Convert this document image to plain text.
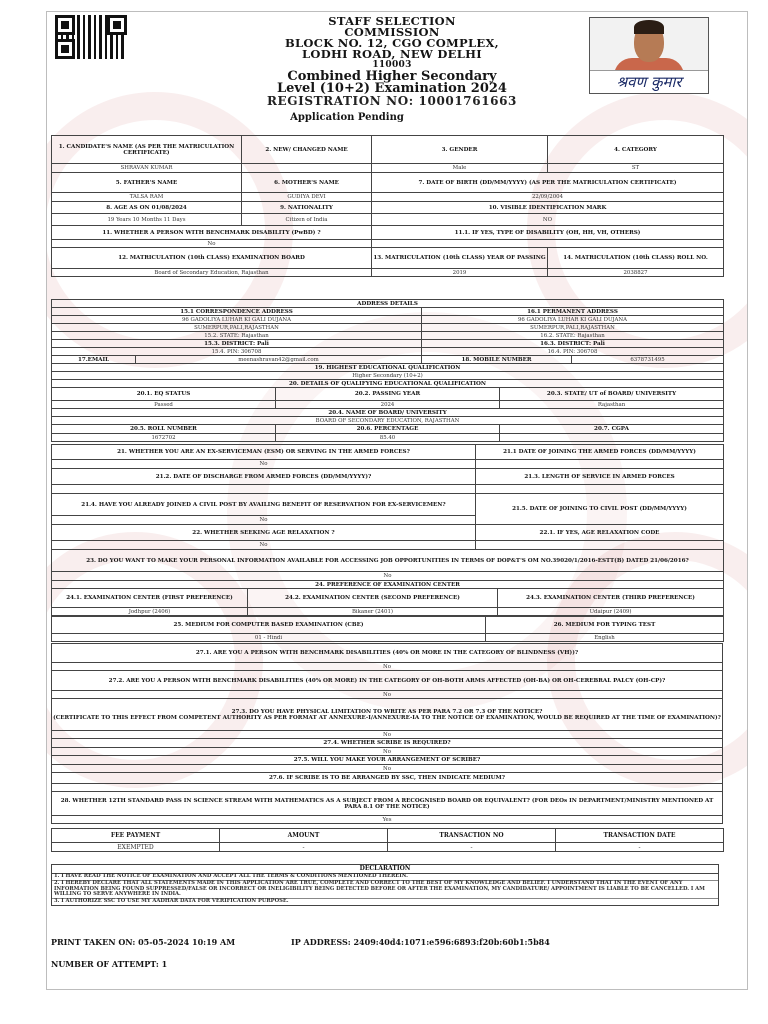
STAFF SELECTION
COMMISSION
BLOCK NO. 12, CGO COMPLEX,
LODHI ROAD, NEW DELHI
110003
Combined Higher Secondary
Level (10+2) Examination 2024
REGISTRATION NO: 10001761663
श्रवण कुमार
Application Pending
1. CANDIDATE'S NAME (AS PER THE MATRICULATION CERTIFICATE)	2. NEW/ CHANGED NAME	3. GENDER	4. CATEGORY
SHRAVAN KUMAR		Male	ST
5. FATHER'S NAME	6. MOTHER'S NAME	7. DATE OF BIRTH (DD/MM/YYYY) (AS PER THE MATRICULATION CERTIFICATE)	
TALSA RAM	GUDIYA DEVI	22/09/2004	
8. AGE AS ON 01/08/2024	9. NATIONALITY	10. VISIBLE IDENTIFICATION MARK	
19 Years 10 Months 11 Days	Citizen of India	NO	
11. WHETHER A PERSON WITH BENCHMARK DISABILITY (PwBD) ?		11.1. IF YES, TYPE OF DISABILITY (OH, HH, VH, OTHERS)	
No			
12. MATRICULATION (10th CLASS) EXAMINATION BOARD		13. MATRICULATION (10th CLASS) YEAR OF PASSING	14. MATRICULATION (10th CLASS) ROLL NO.
Board of Secondary Education, Rajasthan		2019	2038827
ADDRESS DETAILS			
15.1 CORRESPONDENCE ADDRESS		16.1 PERMANENT ADDRESS	
96 GADOLIYA LUHAR KI GALI DUJANA		96 GADOLIYA LUHAR KI GALI DUJANA	
SUMERPUR,PALI,RAJASTHAN		SUMERPUR,PALI,RAJASTHAN	
15.2. STATE: Rajasthan		16.2. STATE: Rajasthan	
15.3. DISTRICT: Pali		16.3. DISTRICT: Pali	
15.4. PIN: 306708		16.4. PIN: 306708	
17.EMAIL	meenashravan42@gmail.com	18. MOBILE NUMBER	6378731495
19. HIGHEST EDUCATIONAL QUALIFICATION		
Higher Secondary (10+2)		
20. DETAILS OF QUALIFYING EDUCATIONAL QUALIFICATION		
20.1. EQ STATUS	20.2. PASSING YEAR	20.3. STATE/ UT of BOARD/ UNIVERSITY
Passed	2024	Rajasthan
20.4. NAME OF BOARD/ UNIVERSITY		
BOARD OF SECONDARY EDUCATION, RAJASTHAN		
20.5. ROLL NUMBER	20.6. PERCENTAGE	20.7. CGPA
1672702	85.40	
21. WHETHER YOU ARE AN EX-SERVICEMAN (ESM) OR SERVING IN THE ARMED FORCES?	21.1 DATE OF JOINING THE ARMED FORCES (DD/MM/YYYY)
No	
21.2. DATE OF DISCHARGE FROM ARMED FORCES (DD/MM/YYYY)?	21.3. LENGTH OF SERVICE IN ARMED FORCES

21.4. HAVE YOU ALREADY JOINED A CIVIL POST BY AVAILING BENEFIT OF RESERVATION FOR EX-SERVICEMEN?	21.5. DATE OF JOINING TO CIVIL POST (DD/MM/YYYY)
No	
22. WHETHER SEEKING AGE RELAXATION ?	22.1. IF YES, AGE RELAXATION CODE
No	
23. DO YOU WANT TO MAKE YOUR PERSONAL INFORMATION AVAILABLE FOR ACCESSING JOB OPPORTUNITIES IN TERMS OF DOP&T'S OM NO.39020/1/2016-ESTT(B) DATED 21/06/2016?	
No	
24. PREFERENCE OF EXAMINATION CENTER		
24.1. EXAMINATION CENTER (FIRST PREFERENCE)	24.2. EXAMINATION CENTER (SECOND PREFERENCE)	24.3. EXAMINATION CENTER (THIRD PREFERENCE)
Jodhpur (2406)	Bikaner (2401)	Udaipur (2409)
25. MEDIUM FOR COMPUTER BASED EXAMINATION (CBE)	26. MEDIUM FOR TYPING TEST
01 - Hindi	English
27.1. ARE YOU A PERSON WITH BENCHMARK DISABILITIES (40% OR MORE IN THE CATEGORY OF BLINDNESS (VH))?
No
27.2. ARE YOU A PERSON WITH BENCHMARK DISABILITIES (40% OR MORE) IN THE CATEGORY OF OH-BOTH ARMS AFFECTED (OH-BA) OR OH-CEREBRAL PALCY (OH-CP)?
No

27.3. DO YOU HAVE PHYSICAL LIMITATION TO WRITE AS PER PARA 7.2 OR 7.3 OF THE NOTICE?
(CERTIFICATE TO THIS EFFECT FROM COMPETENT AUTHORITY AS PER FORMAT AT ANNEXURE-I/ANNEXURE-IA TO THE NOTICE OF EXAMINATION, WOULD BE REQUIRED AT THE TIME OF EXAMINATION)?

No
27.4. WHETHER SCRIBE IS REQUIRED?
No
27.5. WILL YOU MAKE YOUR ARRANGEMENT OF SCRIBE?
No
27.6. IF SCRIBE IS TO BE ARRANGED BY SSC, THEN INDICATE MEDIUM?

28. WHETHER 12TH STANDARD PASS IN SCIENCE STREAM WITH MATHEMATICS AS A SUBJECT FROM A RECOGNISED BOARD OR EQUIVALENT? (FOR DEOs IN DEPARTMENT/MINISTRY MENTIONED AT PARA 8.1 OF THE NOTICE)
Yes
FEE PAYMENT	AMOUNT	TRANSACTION NO	TRANSACTION DATE
EXEMPTED	-	-	-
DECLARATION

1. I HAVE READ THE NOTICE OF EXAMINATION AND ACCEPT ALL THE TERMS & CONDITIONS MENTIONED THEREIN.

2. I HEREBY DECLARE THAT ALL STATEMENTS MADE IN THIS APPLICATION ARE TRUE, COMPLETE AND CORRECT TO THE BEST OF MY KNOWLEDGE AND BELIEF. I UNDERSTAND THAT IN THE EVENT OF ANY INFORMATION BEING FOUND SUPPRESSED/FALSE OR INCORRECT OR INELIGIBILITY BEING DETECTED BEFORE OR AFTER THE EXAMINATION, MY CANDIDATURE/ APPOINTMENT IS LIABLE TO BE CANCELLED. I AM WILLING TO SERVE ANYWHERE IN INDIA.

3. I AUTHORIZE SSC TO USE MY AADHAR DATA FOR VERIFICATION PURPOSE.

PRINT TAKEN ON: 05-05-2024 10:19 AM	IP ADDRESS: 2409:40d4:1071:e596:6893:f20b:60b1:5b84
NUMBER OF ATTEMPT: 1
